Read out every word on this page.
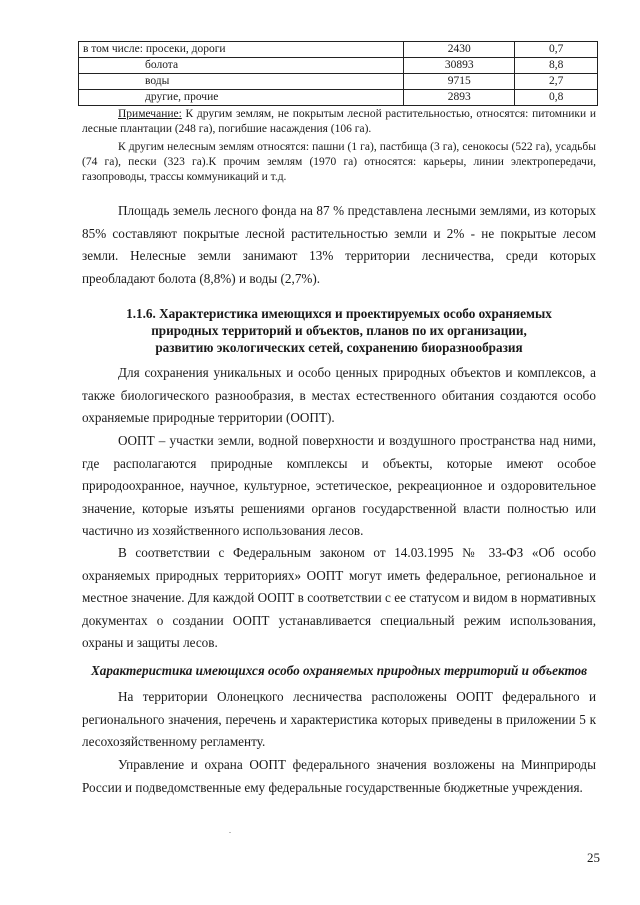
в том числе: просеки, дороги	2430	0,7
болота	30893	8,8
воды	9715	2,7
другие, прочие	2893	0,8

Примечание: К другим землям, не покрытым лесной растительностью, относятся: питомники и лесные плантации (248 га), погибшие насаждения (106 га).

К другим нелесным землям относятся: пашни (1 га), пастбища (3 га), сенокосы (522 га), усадьбы (74 га), пески (323 га).К прочим землям (1970 га) относятся: карьеры, линии электропередачи, газопроводы, трассы коммуникаций и т.д.

Площадь земель лесного фонда на 87 % представлена лесными землями, из которых 85% составляют покрытые лесной растительностью земли и 2% - не покрытые лесом земли. Нелесные земли занимают 13% территории лесничества, среди которых преобладают болота (8,8%) и воды (2,7%).

1.1.6. Характеристика имеющихся и проектируемых особо охраняемых

природных территорий и объектов, планов по их организации,

развитию экологических сетей, сохранению биоразнообразия

Для сохранения уникальных и особо ценных природных объектов и комплексов, а также биологического разнообразия, в местах естественного обитания создаются особо охраняемые природные территории (ООПТ).

ООПТ – участки земли, водной поверхности и воздушного пространства над ними, где располагаются природные комплексы и объекты, которые имеют особое природоохранное, научное, культурное, эстетическое, рекреационное и оздоровительное значение, которые изъяты решениями органов государственной власти полностью или частично из хозяйственного использования лесов.

В соответствии с Федеральным законом от 14.03.1995 № 33-ФЗ «Об особо охраняемых природных территориях» ООПТ могут иметь федеральное, региональное и местное значение. Для каждой ООПТ в соответствии с ее статусом и видом в нормативных документах о создании ООПТ устанавливается специальный режим использования, охраны и защиты лесов.

Характеристика имеющихся особо охраняемых природных территорий и объектов

На территории Олонецкого лесничества расположены ООПТ федерального и регионального значения, перечень и характеристика которых приведены в приложении 5 к лесохозяйственному регламенту.

Управление и охрана ООПТ федерального значения возложены на Минприроды России и подведомственные ему федеральные государственные бюджетные учреждения.

25
